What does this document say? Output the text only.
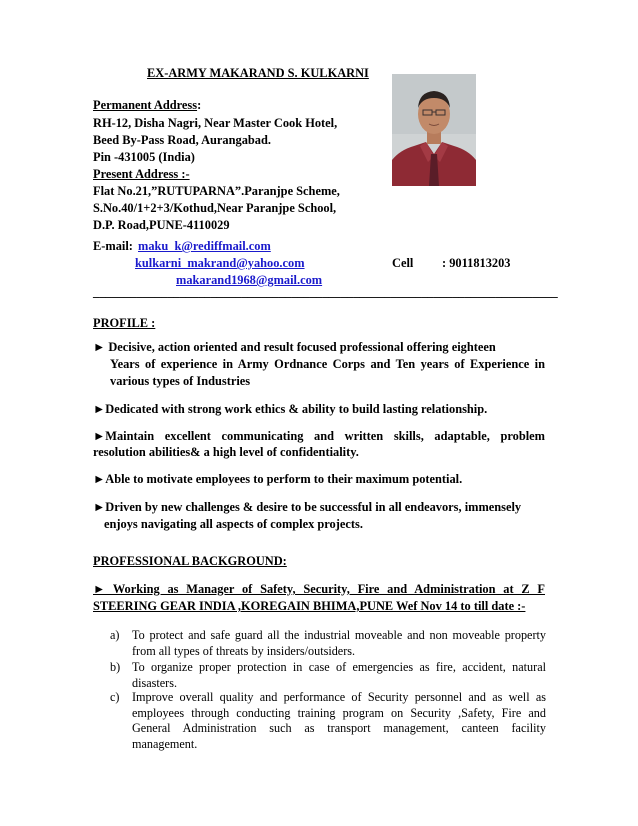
EX-ARMY MAKARAND S. KULKARNI
Permanent Address:
RH-12, Disha Nagri, Near Master Cook Hotel,
Beed By-Pass Road, Aurangabad.
Pin -431005 (India)
Present Address :-
Flat No.21,”RUTUPARNA”.Paranjpe Scheme,
S.No.40/1+2+3/Kothud,Near Paranjpe School,
D.P. Road,PUNE-4110029
E-mail: maku_k@rediffmail.com
kulkarni_makrand@yahoo.com
makarand1968@gmail.com
Cell : 9011813203
___________________________________________________________________________
PROFILE :
► Decisive, action oriented and result focused professional offering eighteen
Years of experience in Army Ordnance Corps and Ten years of Experience in
various types of Industries
►Dedicated with strong work ethics & ability to build lasting relationship.
►Maintain excellent communicating and written skills, adaptable, problem
resolution abilities& a high level of confidentiality.
►Able to motivate employees to perform to their maximum potential.
►Driven by new challenges & desire to be successful in all endeavors, immensely
enjoys navigating all aspects of complex projects.
PROFESSIONAL BACKGROUND:
► Working as Manager of Safety, Security, Fire and Administration at Z F
STEERING GEAR INDIA ,KOREGAIN BHIMA,PUNE Wef Nov 14 to till date :-
a) To protect and safe guard all the industrial moveable and non moveable property
from all types of threats by insiders/outsiders.
b) To organize proper protection in case of emergencies as fire, accident, natural
disasters.
c) Improve overall quality and performance of Security personnel and as well as
employees through conducting training program on Security ,Safety, Fire and
General Administration such as transport management, canteen facility
management.
